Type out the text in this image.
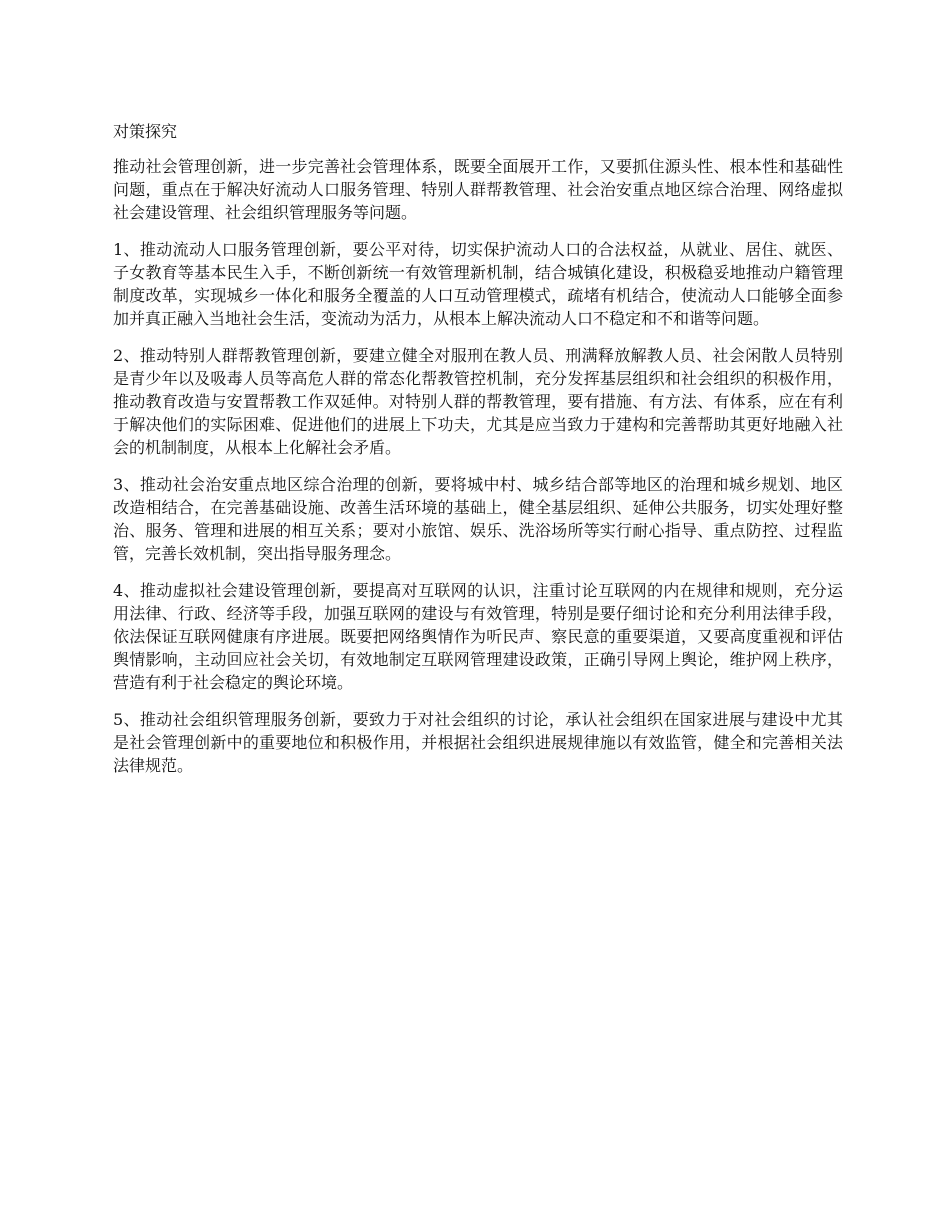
对策探究

推动社会管理创新，进一步完善社会管理体系，既要全面展开工作，又要抓住源头性、根本性和基础性问题，重点在于解决好流动人口服务管理、特别人群帮教管理、社会治安重点地区综合治理、网络虚拟社会建设管理、社会组织管理服务等问题。

1、推动流动人口服务管理创新，要公平对待，切实保护流动人口的合法权益，从就业、居住、就医、子女教育等基本民生入手，不断创新统一有效管理新机制，结合城镇化建设，积极稳妥地推动户籍管理制度改革，实现城乡一体化和服务全覆盖的人口互动管理模式，疏堵有机结合，使流动人口能够全面参加并真正融入当地社会生活，变流动为活力，从根本上解决流动人口不稳定和不和谐等问题。

2、推动特别人群帮教管理创新，要建立健全对服刑在教人员、刑满释放解教人员、社会闲散人员特别是青少年以及吸毒人员等高危人群的常态化帮教管控机制，充分发挥基层组织和社会组织的积极作用，推动教育改造与安置帮教工作双延伸。对特别人群的帮教管理，要有措施、有方法、有体系，应在有利于解决他们的实际困难、促进他们的进展上下功夫，尤其是应当致力于建构和完善帮助其更好地融入社会的机制制度，从根本上化解社会矛盾。

3、推动社会治安重点地区综合治理的创新，要将城中村、城乡结合部等地区的治理和城乡规划、地区改造相结合，在完善基础设施、改善生活环境的基础上，健全基层组织、延伸公共服务，切实处理好整治、服务、管理和进展的相互关系；要对小旅馆、娱乐、洗浴场所等实行耐心指导、重点防控、过程监管，完善长效机制，突出指导服务理念。

4、推动虚拟社会建设管理创新，要提高对互联网的认识，注重讨论互联网的内在规律和规则，充分运用法律、行政、经济等手段，加强互联网的建设与有效管理，特别是要仔细讨论和充分利用法律手段，依法保证互联网健康有序进展。既要把网络舆情作为听民声、察民意的重要渠道，又要高度重视和评估舆情影响，主动回应社会关切，有效地制定互联网管理建设政策，正确引导网上舆论，维护网上秩序，营造有利于社会稳定的舆论环境。

5、推动社会组织管理服务创新，要致力于对社会组织的讨论，承认社会组织在国家进展与建设中尤其是社会管理创新中的重要地位和积极作用，并根据社会组织进展规律施以有效监管，健全和完善相关法法律规范。
